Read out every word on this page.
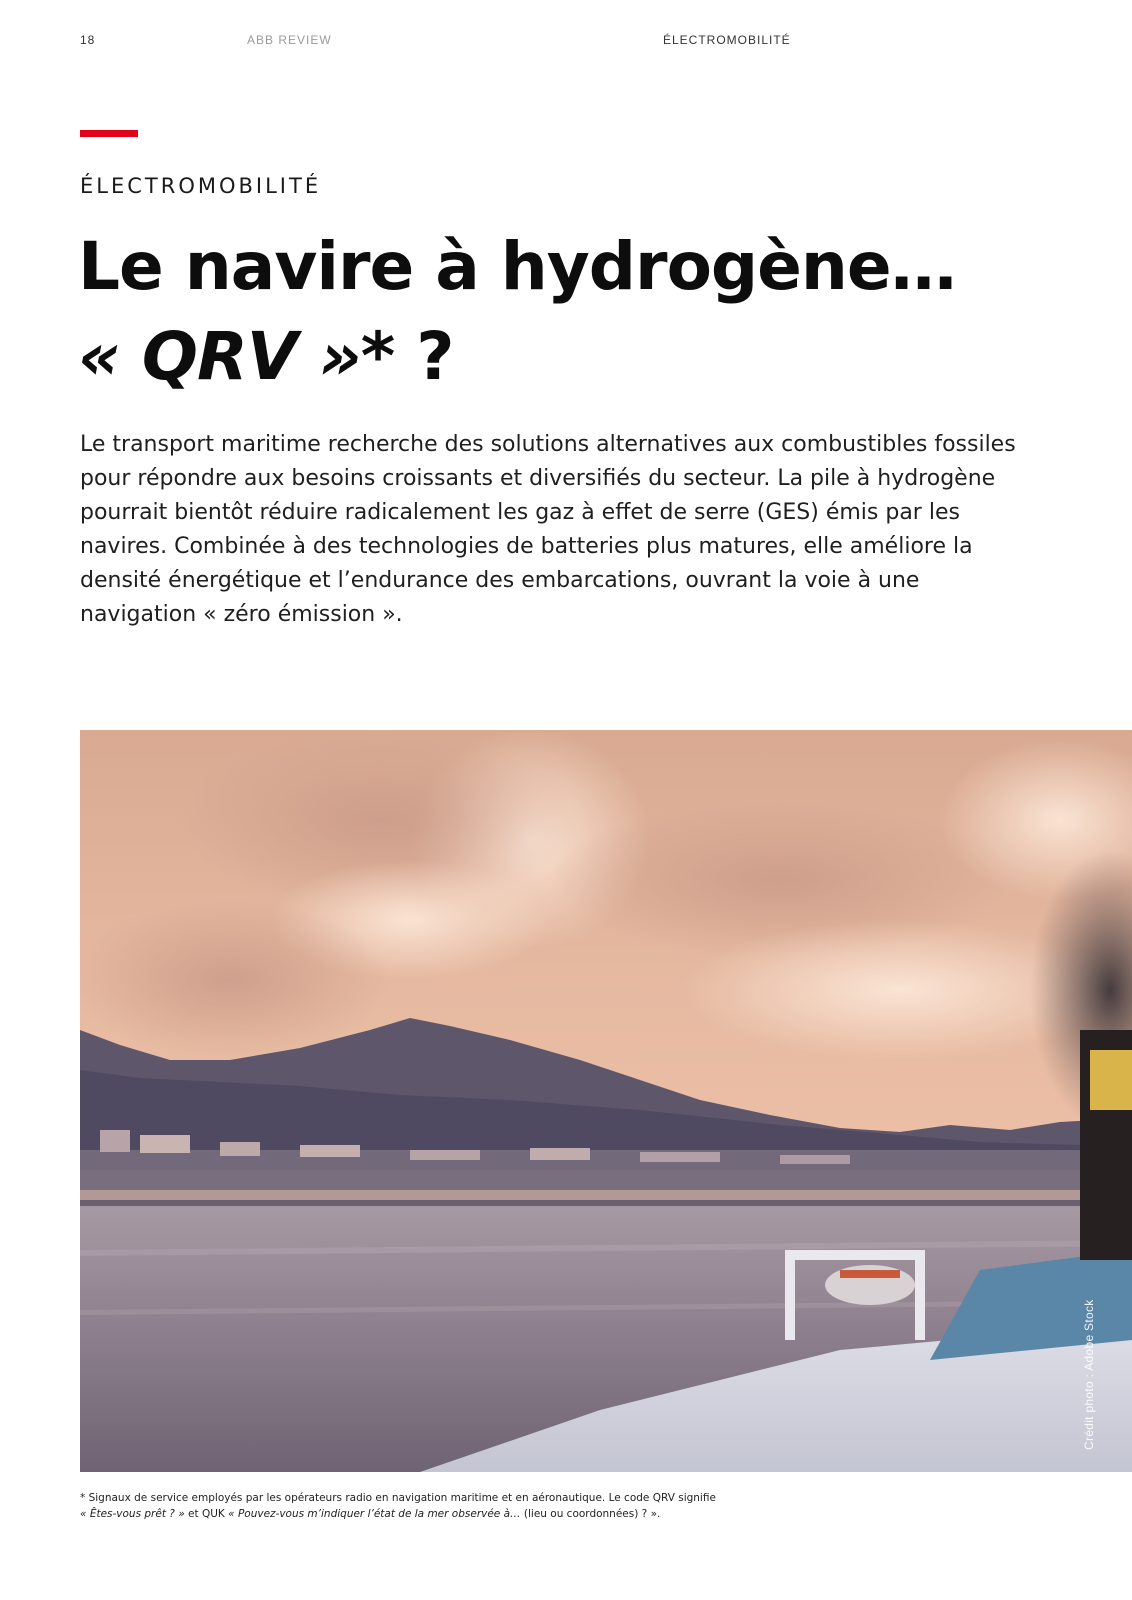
18	ABB REVIEW	ÉLECTROMOBILITÉ
ÉLECTROMOBILITÉ
Le navire à hydrogène…
« QRV »* ?

Le transport maritime recherche des solutions alternatives aux combustibles fossiles pour répondre aux besoins croissants et diversifiés du secteur. La pile à hydrogène pourrait bientôt réduire radicalement les gaz à effet de serre (GES) émis par les navires. Combinée à des technologies de batteries plus matures, elle améliore la densité énergétique et l’endurance des embarcations, ouvrant la voie à une navigation « zéro émission ».

Crédit photo : Adobe Stock

* Signaux de service employés par les opérateurs radio en navigation maritime et en aéronautique. Le code QRV signifie
« Êtes-vous prêt ? » et QUK « Pouvez-vous m’indiquer l’état de la mer observée à… (lieu ou coordonnées) ? ».
